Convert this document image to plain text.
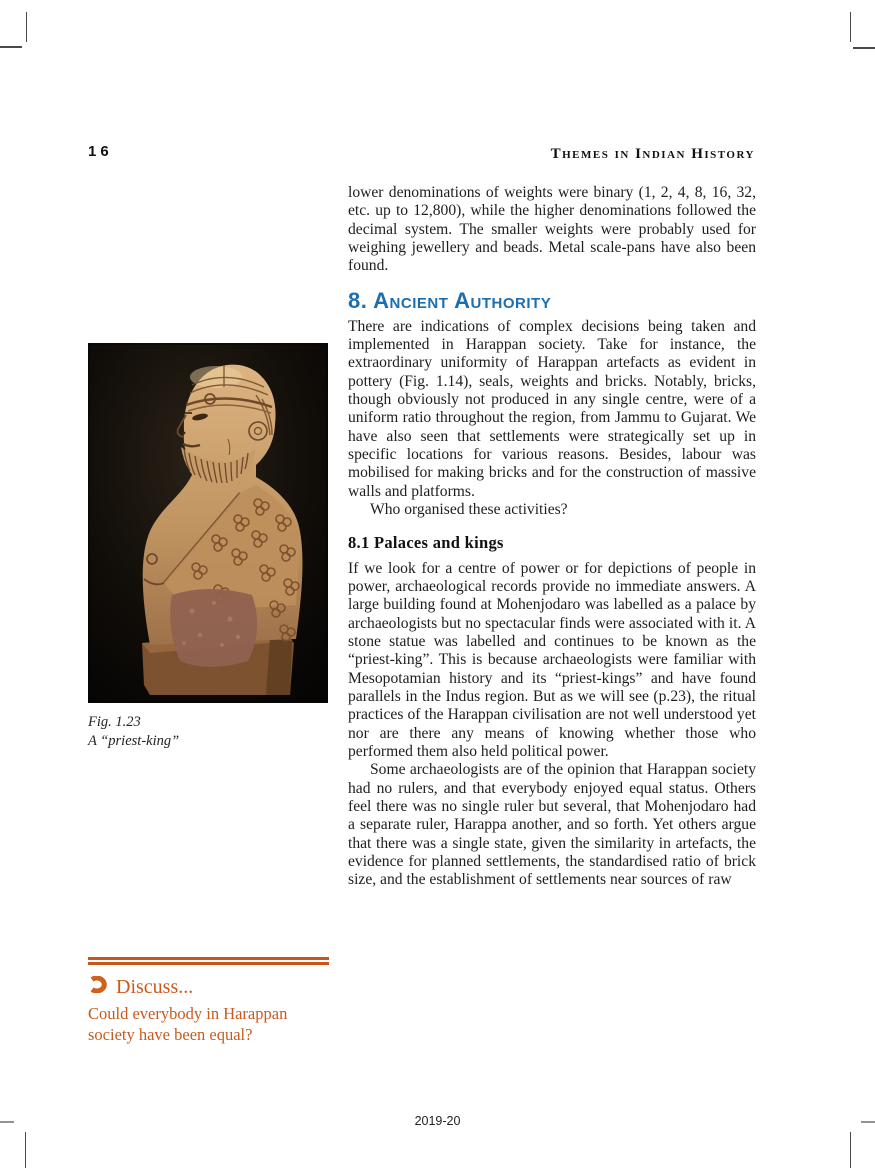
16	Themes in Indian History
Fig. 1.23
A “priest-king”
Discuss...
Could everybody in Harappan society have been equal?

lower denominations of weights were binary (1, 2, 4, 8, 16, 32, etc. up to 12,800), while the higher denominations followed the decimal system. The smaller weights were probably used for weighing jewellery and beads. Metal scale-pans have also been found.

8. Ancient Authority

There are indications of complex decisions being taken and implemented in Harappan society. Take for instance, the extraordinary uniformity of Harappan artefacts as evident in pottery (Fig. 1.14), seals, weights and bricks. Notably, bricks, though obviously not produced in any single centre, were of a uniform ratio throughout the region, from Jammu to Gujarat. We have also seen that settlements were strategically set up in specific locations for various reasons. Besides, labour was mobilised for making bricks and for the construction of massive walls and platforms.

Who organised these activities?

8.1 Palaces and kings

If we look for a centre of power or for depictions of people in power, archaeological records provide no immediate answers. A large building found at Mohenjodaro was labelled as a palace by archaeologists but no spectacular finds were associated with it. A stone statue was labelled and continues to be known as the “priest-king”. This is because archaeologists were familiar with Mesopotamian history and its “priest-kings” and have found parallels in the Indus region. But as we will see (p.23), the ritual practices of the Harappan civilisation are not well understood yet nor are there any means of knowing whether those who performed them also held political power.

Some archaeologists are of the opinion that Harappan society had no rulers, and that everybody enjoyed equal status. Others feel there was no single ruler but several, that Mohenjodaro had a separate ruler, Harappa another, and so forth. Yet others argue that there was a single state, given the similarity in artefacts, the evidence for planned settlements, the standardised ratio of brick size, and the establishment of settlements near sources of raw

2019-20
